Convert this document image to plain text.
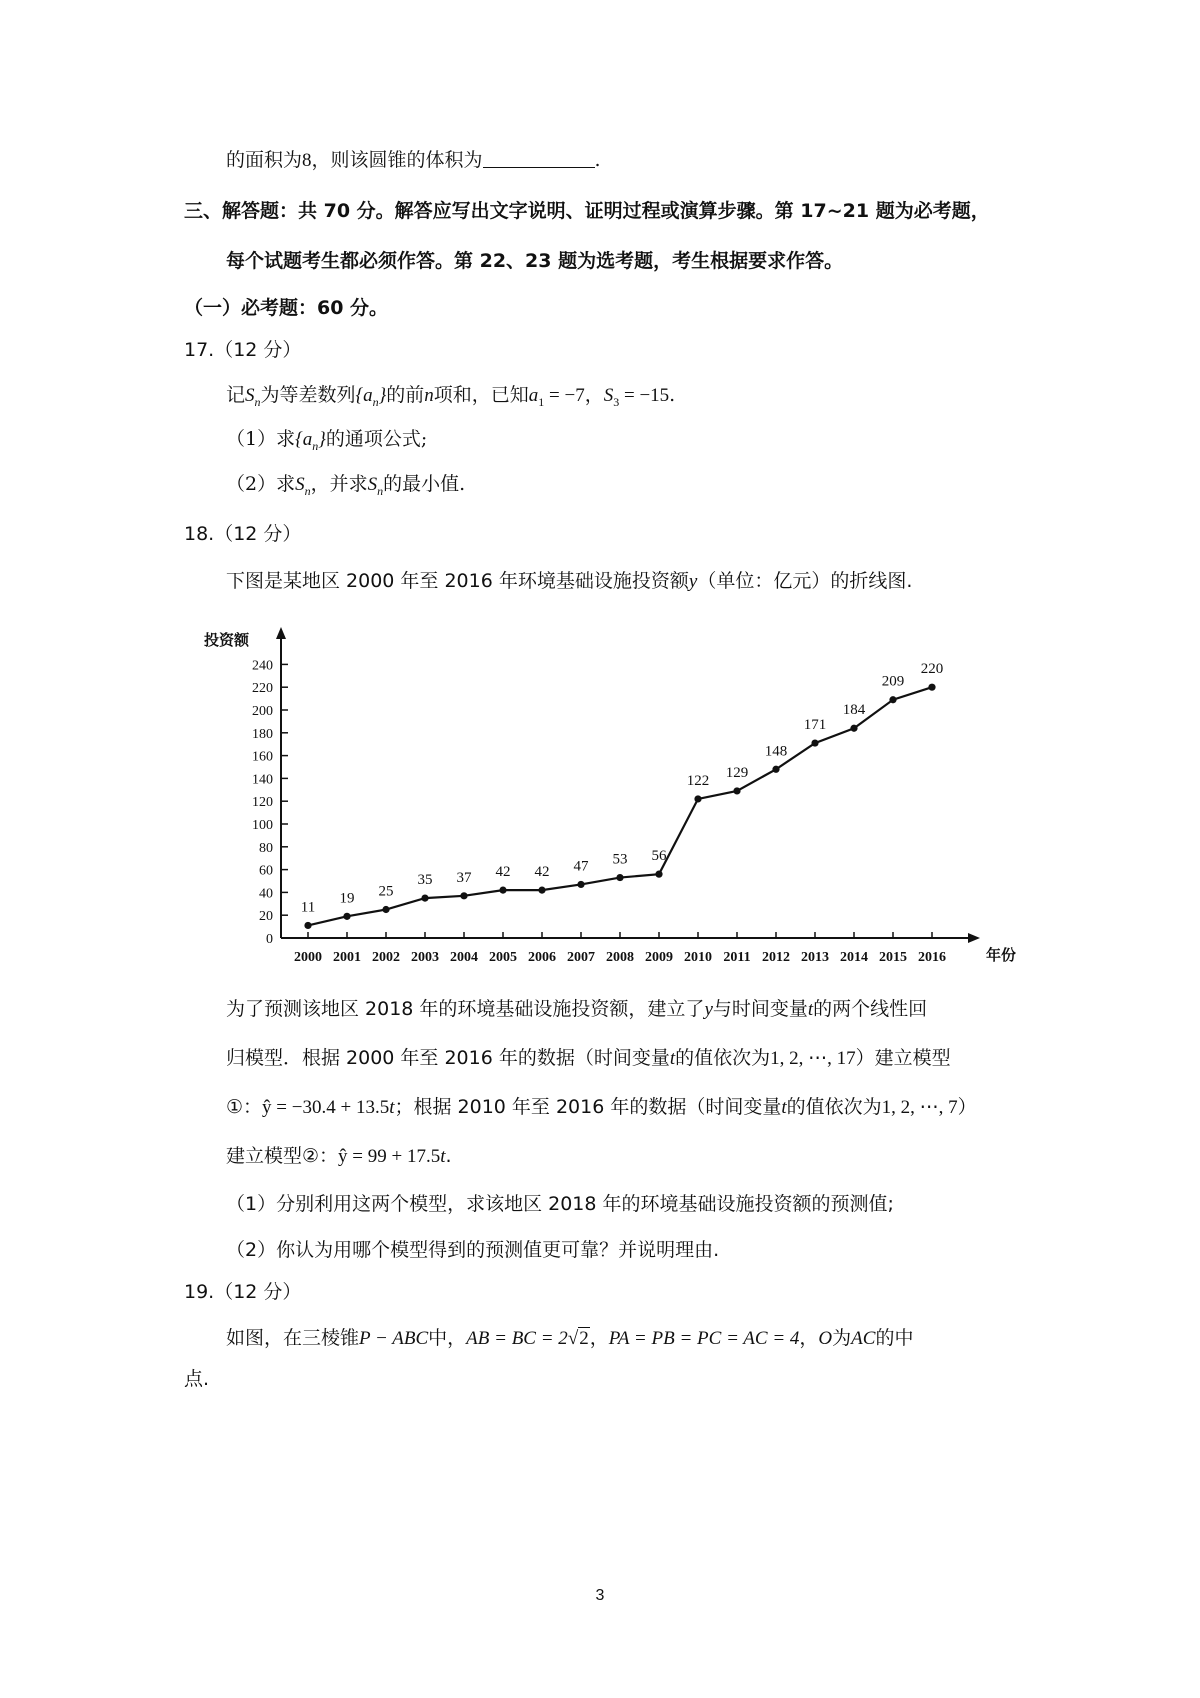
的面积为8，则该圆锥的体积为	.
三、解答题：共 70 分。解答应写出文字说明、证明过程或演算步骤。第 17~21 题为必考题，
每个试题考生都必须作答。第 22、23 题为选考题，考生根据要求作答。
（一）必考题：60 分。
17.（12 分）
记$S_n$为等差数列$\{a_n\}$的前n项和，已知$a_1 = -7$，$S_3 = -15$.
（1）求$\{a_n\}$的通项公式;
（2）求$S_n$，并求$S_n$的最小值.
18.（12 分）
下图是某地区 2000 年至 2016 年环境基础设施投资额y（单位：亿元）的折线图.
投资额
年份
0
20
40
60
80
100
120
140
160
180
200
220
240
2000 2001 2002 2003 2004 2005 2006 2007 2008 2009 2010 2011 2012 2013 2014 2015 2016
11
19 25
35 37 42 42 47 53 56
122 129
148
171
184
209
220
为了预测该地区 2018 年的环境基础设施投资额，建立了y与时间变量t的两个线性回
归模型．根据 2000 年至 2016 年的数据（时间变量t的值依次为1, 2, ⋯, 17）建立模型
①：ŷ = −30.4 + 13.5t；根据 2010 年至 2016 年的数据（时间变量t的值依次为1, 2, ⋯, 7）
建立模型②：ŷ = 99 + 17.5t.
（1）分别利用这两个模型，求该地区 2018 年的环境基础设施投资额的预测值;
（2）你认为用哪个模型得到的预测值更可靠？并说明理由.
19.（12 分）
如图，在三棱锥P − ABC中，AB = BC = 2√2，PA = PB = PC = AC = 4，O为AC的中
点.
3
